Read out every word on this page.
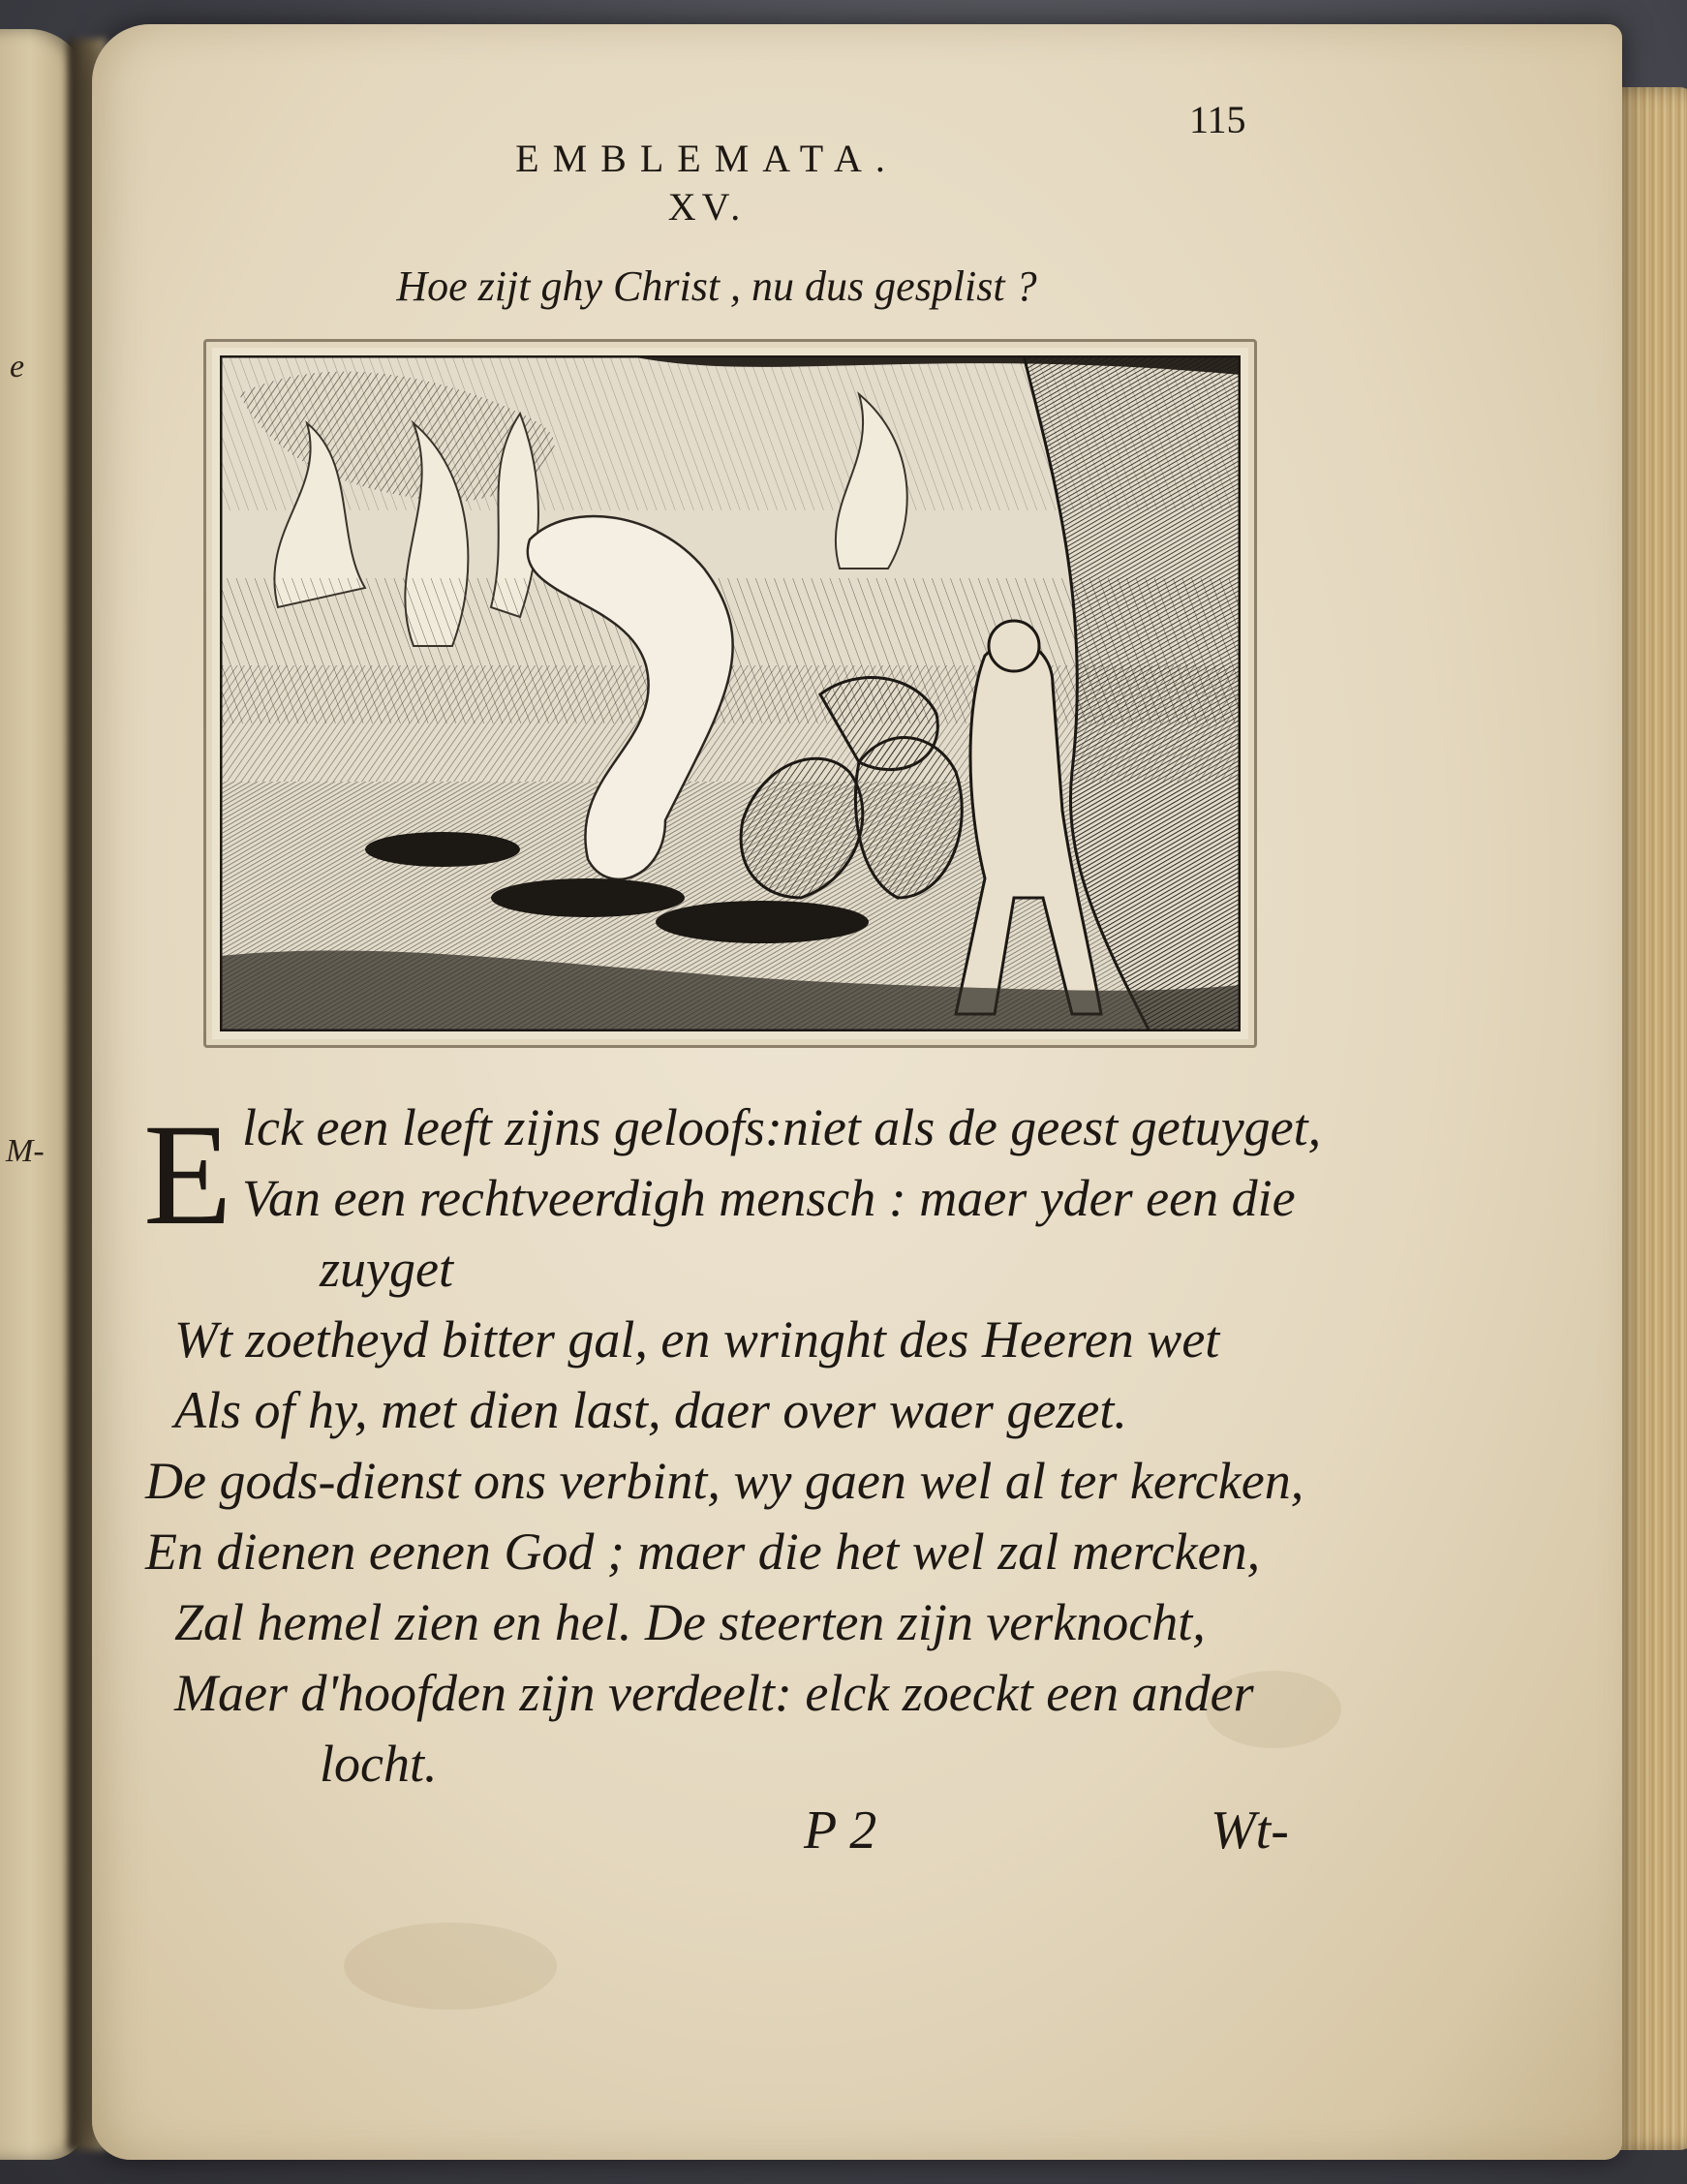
e
M-
115
EMBLEMATA.
XV.
Hoe zijt ghy Christ , nu dus gesplist ?
E lck een leeft zijns geloofs:niet als de geest getuyget,
Van een rechtveerdigh mensch : maer yder een die
zuyget
Wt zoetheyd bitter gal, en wringht des Heeren wet
Als of hy, met dien last, daer over waer gezet.
De gods-dienst ons verbint, wy gaen wel al ter kercken,
En dienen eenen God ; maer die het wel zal mercken,
Zal hemel zien en hel. De steerten zijn verknocht,
Maer d'hoofden zijn verdeelt: elck zoeckt een ander
locht.
P 2	Wt-
